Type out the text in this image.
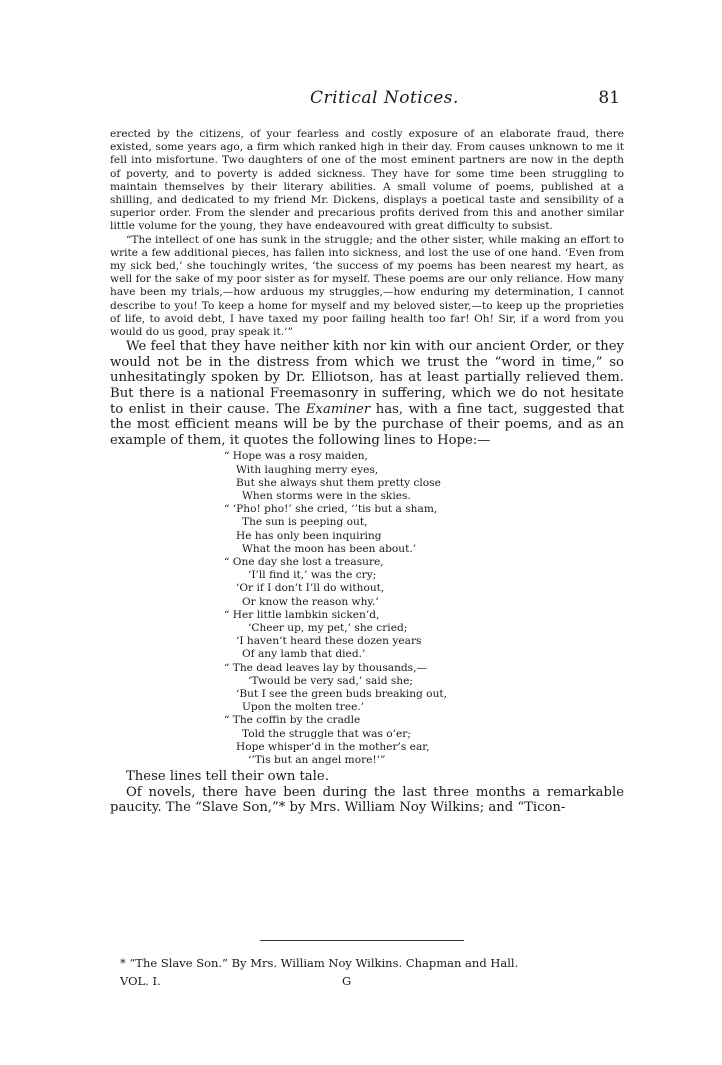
Critical Notices.	81

erected by the citizens, of your fearless and costly exposure of an elaborate fraud, there existed, some years ago, a firm which ranked high in their day. From causes unknown to me it fell into misfortune. Two daughters of one of the most eminent partners are now in the depth of poverty, and to poverty is added sickness. They have for some time been struggling to maintain themselves by their literary abilities. A small volume of poems, published at a shilling, and dedicated to my friend Mr. Dickens, displays a poetical taste and sensibility of a superior order. From the slender and precarious profits derived from this and another similar little volume for the young, they have endeavoured with great difficulty to subsist.

“The intellect of one has sunk in the struggle; and the other sister, while making an effort to write a few additional pieces, has fallen into sickness, and lost the use of one hand. ‘Even from my sick bed,’ she touchingly writes, ‘the success of my poems has been nearest my heart, as well for the sake of my poor sister as for myself. These poems are our only reliance. How many have been my trials,—how arduous my struggles,—how enduring my determination, I cannot describe to you! To keep a home for myself and my beloved sister,—to keep up the proprieties of life, to avoid debt, I have taxed my poor failing health too far! Oh! Sir, if a word from you would do us good, pray speak it.’”

We feel that they have neither kith nor kin with our ancient Order, or they would not be in the distress from which we trust the “word in time,” so unhesitatingly spoken by Dr. Elliotson, has at least partially relieved them. But there is a national Freemasonry in suffering, which we do not hesitate to enlist in their cause. The Examiner has, with a fine tact, suggested that the most efficient means will be by the purchase of their poems, and as an example of them, it quotes the following lines to Hope:—

“ Hope was a rosy maiden,
With laughing merry eyes,
But she always shut them pretty close
When storms were in the skies.
“ ‘Pho! pho!’ she cried, ‘’tis but a sham,
The sun is peeping out,
He has only been inquiring
What the moon has been about.’
“ One day she lost a treasure,
‘I’ll find it,’ was the cry;
‘Or if I don’t I’ll do without,
Or know the reason why.’
“ Her little lambkin sicken’d,
‘Cheer up, my pet,’ she cried;
‘I haven’t heard these dozen years
Of any lamb that died.’
“ The dead leaves lay by thousands,—
‘Twould be very sad,’ said she;
‘But I see the green buds breaking out,
Upon the molten tree.’
“ The coffin by the cradle
Told the struggle that was o’er;
Hope whisper’d in the mother’s ear,
‘’Tis but an angel more!’”

These lines tell their own tale.

Of novels, there have been during the last three months a remarkable paucity. The “Slave Son,”* by Mrs. William Noy Wilkins; and “Ticon-

* “The Slave Son.” By Mrs. William Noy Wilkins. Chapman and Hall.
VOL. I.	G
